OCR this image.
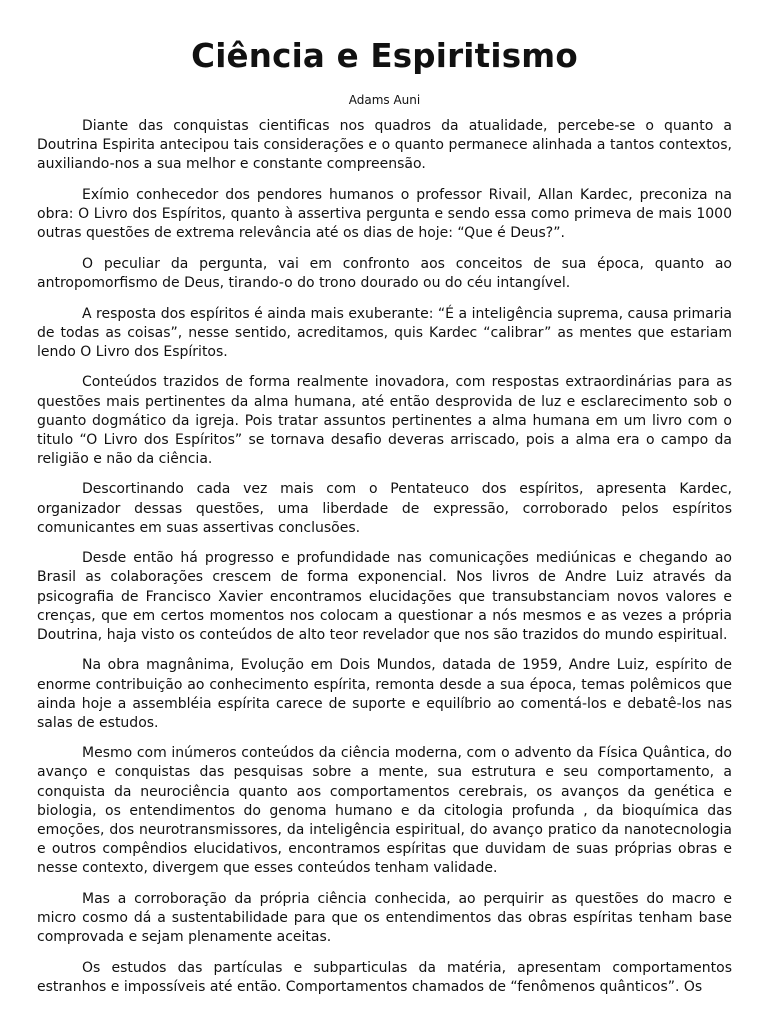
Ciência e Espiritismo
Adams Auni

Diante das conquistas cientificas nos quadros da atualidade, percebe-se o quanto a Doutrina Espirita antecipou tais considerações e o quanto permanece alinhada a tantos contextos, auxiliando-nos a sua melhor e constante compreensão.

Exímio conhecedor dos pendores humanos o professor Rivail, Allan Kardec, preconiza na obra: O Livro dos Espíritos, quanto à assertiva pergunta e sendo essa como primeva de mais 1000 outras questões de extrema relevância até os dias de hoje: “Que é Deus?”.

O peculiar da pergunta, vai em confronto aos conceitos de sua época, quanto ao antropomorfismo de Deus, tirando-o do trono dourado ou do céu intangível.

A resposta dos espíritos é ainda mais exuberante: “É a inteligência suprema, causa primaria de todas as coisas”, nesse sentido, acreditamos, quis Kardec “calibrar” as mentes que estariam lendo O Livro dos Espíritos.

Conteúdos trazidos de forma realmente inovadora, com respostas extraordinárias para as questões mais pertinentes da alma humana, até então desprovida de luz e esclarecimento sob o guanto dogmático da igreja. Pois tratar assuntos pertinentes a alma humana em um livro com o titulo “O Livro dos Espíritos” se tornava desafio deveras arriscado, pois a alma era o campo da religião e não da ciência.

Descortinando cada vez mais com o Pentateuco dos espíritos, apresenta Kardec, organizador dessas questões, uma liberdade de expressão, corroborado pelos espíritos comunicantes em suas assertivas conclusões.

Desde então há progresso e profundidade nas comunicações mediúnicas e chegando ao Brasil as colaborações crescem de forma exponencial. Nos livros de Andre Luiz através da psicografia de Francisco Xavier encontramos elucidações que transubstanciam novos valores e crenças, que em certos momentos nos colocam a questionar a nós mesmos e as vezes a própria Doutrina, haja visto os conteúdos de alto teor revelador que nos são trazidos do mundo espiritual.

Na obra magnânima, Evolução em Dois Mundos, datada de 1959, Andre Luiz, espírito de enorme contribuição ao conhecimento espírita, remonta desde a sua época, temas polêmicos que ainda hoje a assembléia espírita carece de suporte e equilíbrio ao comentá-los e debatê-los nas salas de estudos.

Mesmo com inúmeros conteúdos da ciência moderna, com o advento da Física Quântica, do avanço e conquistas das pesquisas sobre a mente, sua estrutura e seu comportamento, a conquista da neurociência quanto aos comportamentos cerebrais, os avanços da genética e biologia, os entendimentos do genoma humano e da citologia profunda , da bioquímica das emoções, dos neurotransmissores, da inteligência espiritual, do avanço pratico da nanotecnologia e outros compêndios elucidativos, encontramos espíritas que duvidam de suas próprias obras e nesse contexto, divergem que esses conteúdos tenham validade.

Mas a corroboração da própria ciência conhecida, ao perquirir as questões do macro e micro cosmo dá a sustentabilidade para que os entendimentos das obras espíritas tenham base comprovada e sejam plenamente aceitas.

Os estudos das partículas e subparticulas da matéria, apresentam comportamentos estranhos e impossíveis até então. Comportamentos chamados de “fenômenos quânticos”. Os
